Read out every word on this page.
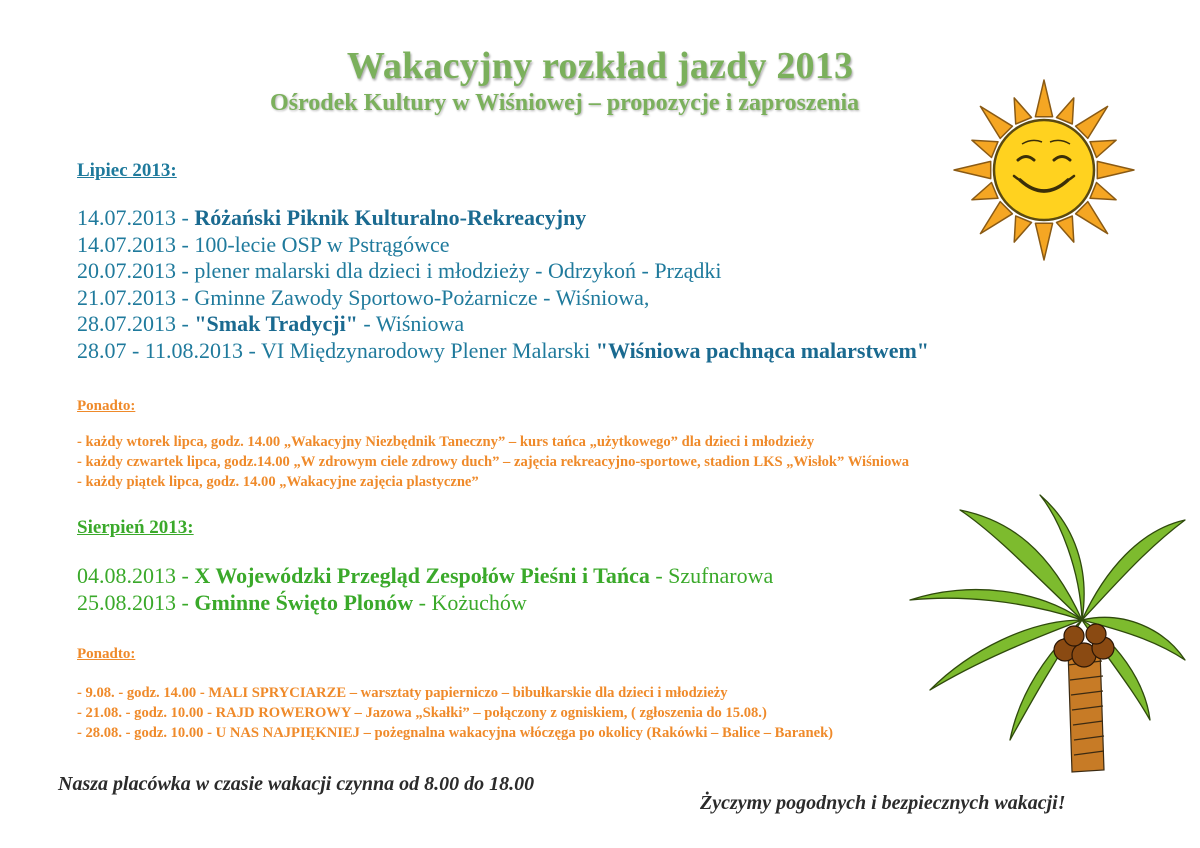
Wakacyjny rozkład jazdy 2013
Ośrodek Kultury w Wiśniowej – propozycje i zaproszenia
Lipiec 2013:
14.07.2013 - Różański Piknik Kulturalno-Rekreacyjny
14.07.2013 - 100-lecie OSP w Pstrągówce
20.07.2013 - plener malarski dla dzieci i młodzieży - Odrzykoń - Prządki
21.07.2013 - Gminne Zawody Sportowo-Pożarnicze - Wiśniowa,
28.07.2013 - "Smak Tradycji" - Wiśniowa
28.07 - 11.08.2013 - VI Międzynarodowy Plener Malarski "Wiśniowa pachnąca malarstwem"
Ponadto:
- każdy wtorek lipca, godz. 14.00 „Wakacyjny Niezbędnik Taneczny” – kurs tańca „użytkowego” dla dzieci i młodzieży
- każdy czwartek lipca, godz.14.00 „W zdrowym ciele zdrowy duch” – zajęcia rekreacyjno-sportowe, stadion LKS „Wisłok” Wiśniowa
- każdy piątek lipca, godz. 14.00 „Wakacyjne zajęcia plastyczne”
Sierpień 2013:
04.08.2013 - X Wojewódzki Przegląd Zespołów Pieśni i Tańca - Szufnarowa
25.08.2013 - Gminne Święto Plonów - Kożuchów
Ponadto:
- 9.08. - godz. 14.00 - MALI SPRYCIARZE – warsztaty papierniczo – bibułkarskie dla dzieci i młodzieży
- 21.08. - godz. 10.00 - RAJD ROWEROWY – Jazowa „Skałki” – połączony z ogniskiem, ( zgłoszenia do 15.08.)
- 28.08. - godz. 10.00 - U NAS NAJPIĘKNIEJ – pożegnalna wakacyjna włóczęga po okolicy (Rakówki – Balice – Baranek)
Nasza placówka w czasie wakacji czynna od 8.00 do 18.00
Życzymy pogodnych i bezpiecznych wakacji!
